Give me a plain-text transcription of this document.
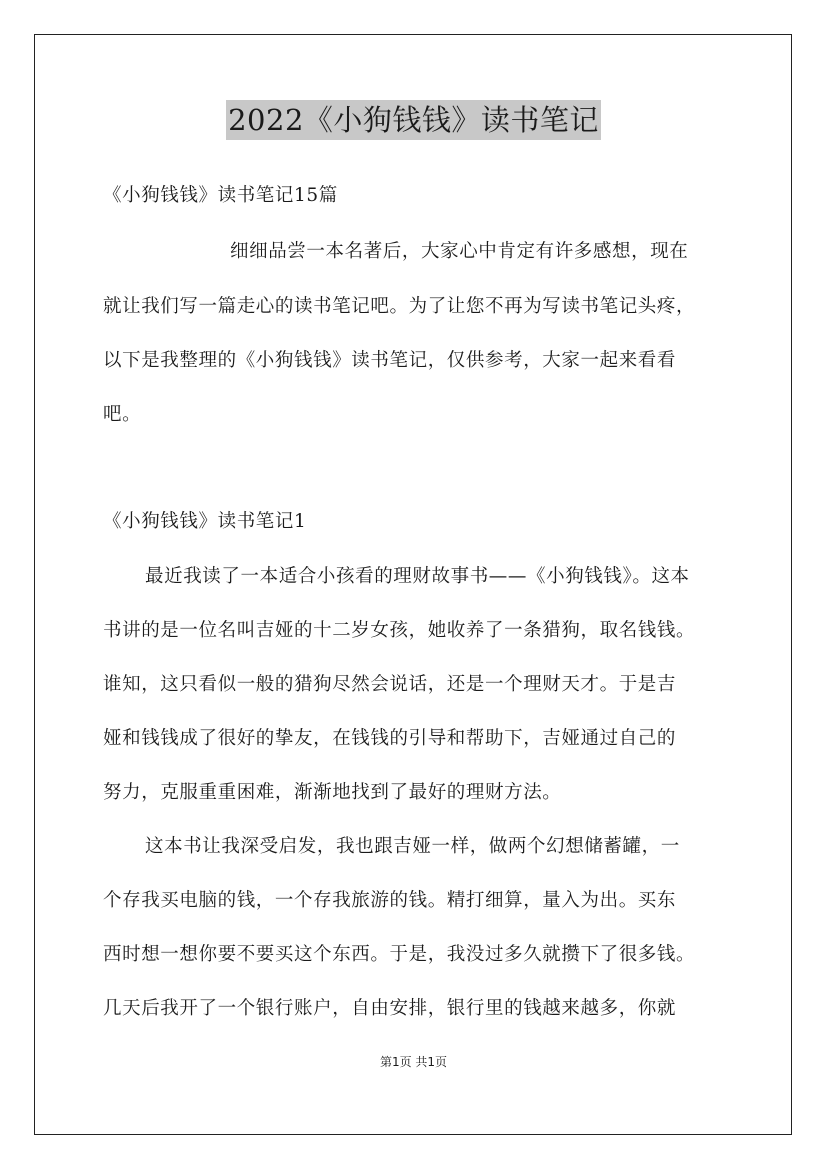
2022《小狗钱钱》读书笔记
《小狗钱钱》读书笔记15篇
细细品尝一本名著后，大家心中肯定有许多感想，现在
就让我们写一篇走心的读书笔记吧。为了让您不再为写读书笔记头疼，
以下是我整理的《小狗钱钱》读书笔记，仅供参考，大家一起来看看
吧。
《小狗钱钱》读书笔记1
最近我读了一本适合小孩看的理财故事书——《小狗钱钱》。这本
书讲的是一位名叫吉娅的十二岁女孩，她收养了一条猎狗，取名钱钱。
谁知，这只看似一般的猎狗尽然会说话，还是一个理财天才。于是吉
娅和钱钱成了很好的挚友，在钱钱的引导和帮助下，吉娅通过自己的
努力，克服重重困难，渐渐地找到了最好的理财方法。
这本书让我深受启发，我也跟吉娅一样，做两个幻想储蓄罐，一
个存我买电脑的钱，一个存我旅游的钱。精打细算，量入为出。买东
西时想一想你要不要买这个东西。于是，我没过多久就攒下了很多钱。
几天后我开了一个银行账户，自由安排，银行里的钱越来越多，你就
第1页 共1页
